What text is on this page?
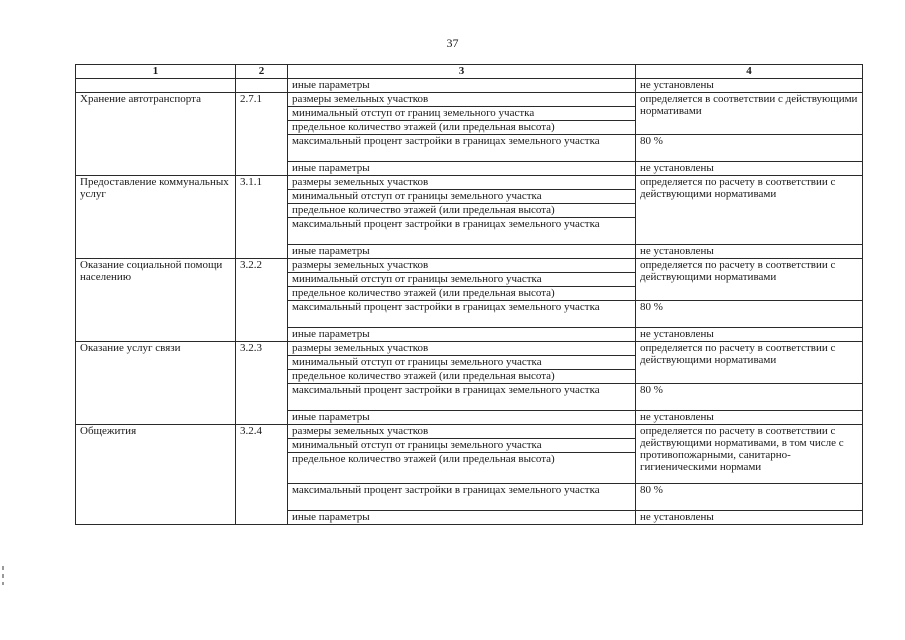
37
1	2	3	4
		иные параметры	не установлены
Хранение автотранспорта	2.7.1	размеры земельных участков	определяется в соответствии с действующими нормативами
		минимальный отступ от границ земельного участка	
		предельное количество этажей (или предельная высота)	
		максимальный процент застройки в границах земельного участка	80 %
		иные параметры	не установлены
Предоставление коммунальных услуг	3.1.1	размеры земельных участков	определяется по расчету в соответствии с действующими нормативами
		минимальный отступ от границы земельного участка	
		предельное количество этажей (или предельная высота)	
		максимальный процент застройки в границах земельного участка	
		иные параметры	не установлены
Оказание социальной помощи населению	3.2.2	размеры земельных участков	определяется по расчету в соответствии с действующими нормативами
		минимальный отступ от границы земельного участка	
		предельное количество этажей (или предельная высота)	
		максимальный процент застройки в границах земельного участка	80 %
		иные параметры	не установлены
Оказание услуг связи	3.2.3	размеры земельных участков	определяется по расчету в соответствии с действующими нормативами
		минимальный отступ от границы земельного участка	
		предельное количество этажей (или предельная высота)	
		максимальный процент застройки в границах земельного участка	80 %
		иные параметры	не установлены
Общежития	3.2.4	размеры земельных участков	определяется по расчету в соответствии с действующими нормативами, в том числе с противопожарными, санитарно-гигиеническими нормами
		минимальный отступ от границы земельного участка	
		предельное количество этажей (или предельная высота)	
		максимальный процент застройки в границах земельного участка	80 %
		иные параметры	не установлены
